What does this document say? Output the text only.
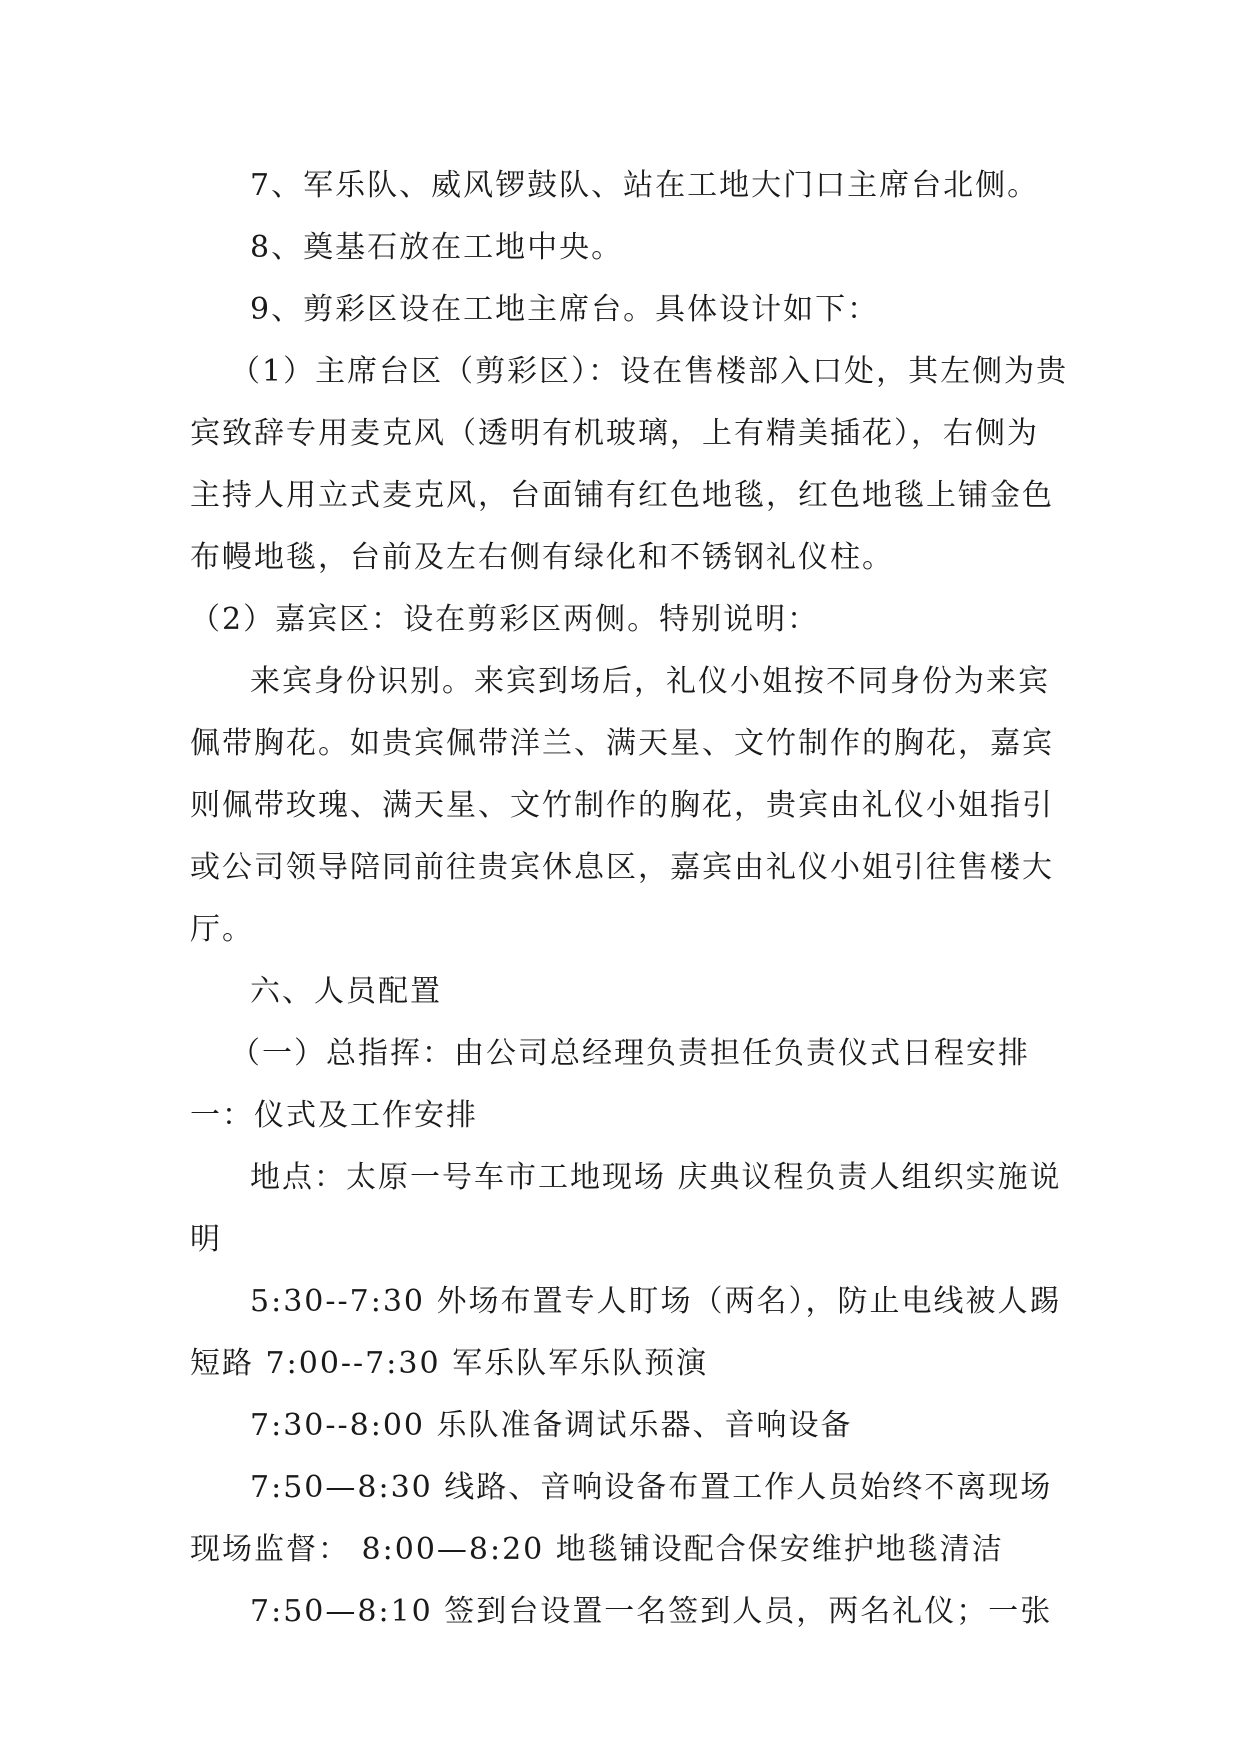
7、军乐队、威风锣鼓队、站在工地大门口主席台北侧。

8、奠基石放在工地中央。

9、剪彩区设在工地主席台。具体设计如下：

（1）主席台区（剪彩区）：设在售楼部入口处，其左侧为贵宾致辞专用麦克风（透明有机玻璃，上有精美插花），右侧为主持人用立式麦克风，台面铺有红色地毯，红色地毯上铺金色布幔地毯，台前及左右侧有绿化和不锈钢礼仪柱。

（2）嘉宾区：设在剪彩区两侧。特别说明：

来宾身份识别。来宾到场后，礼仪小姐按不同身份为来宾佩带胸花。如贵宾佩带洋兰、满天星、文竹制作的胸花，嘉宾则佩带玫瑰、满天星、文竹制作的胸花，贵宾由礼仪小姐指引或公司领导陪同前往贵宾休息区，嘉宾由礼仪小姐引往售楼大厅。

六、人员配置

（一）总指挥：由公司总经理负责担任负责仪式日程安排 一：仪式及工作安排

地点：太原一号车市工地现场 庆典议程负责人组织实施说明

5:30--7:30 外场布置专人盯场（两名），防止电线被人踢短路 7:00--7:30 军乐队军乐队预演

7:30--8:00 乐队准备调试乐器、音响设备

7:50—8:30 线路、音响设备布置工作人员始终不离现场现场监督： 8:00—8:20 地毯铺设配合保安维护地毯清洁

7:50—8:10 签到台设置一名签到人员，两名礼仪；一张
